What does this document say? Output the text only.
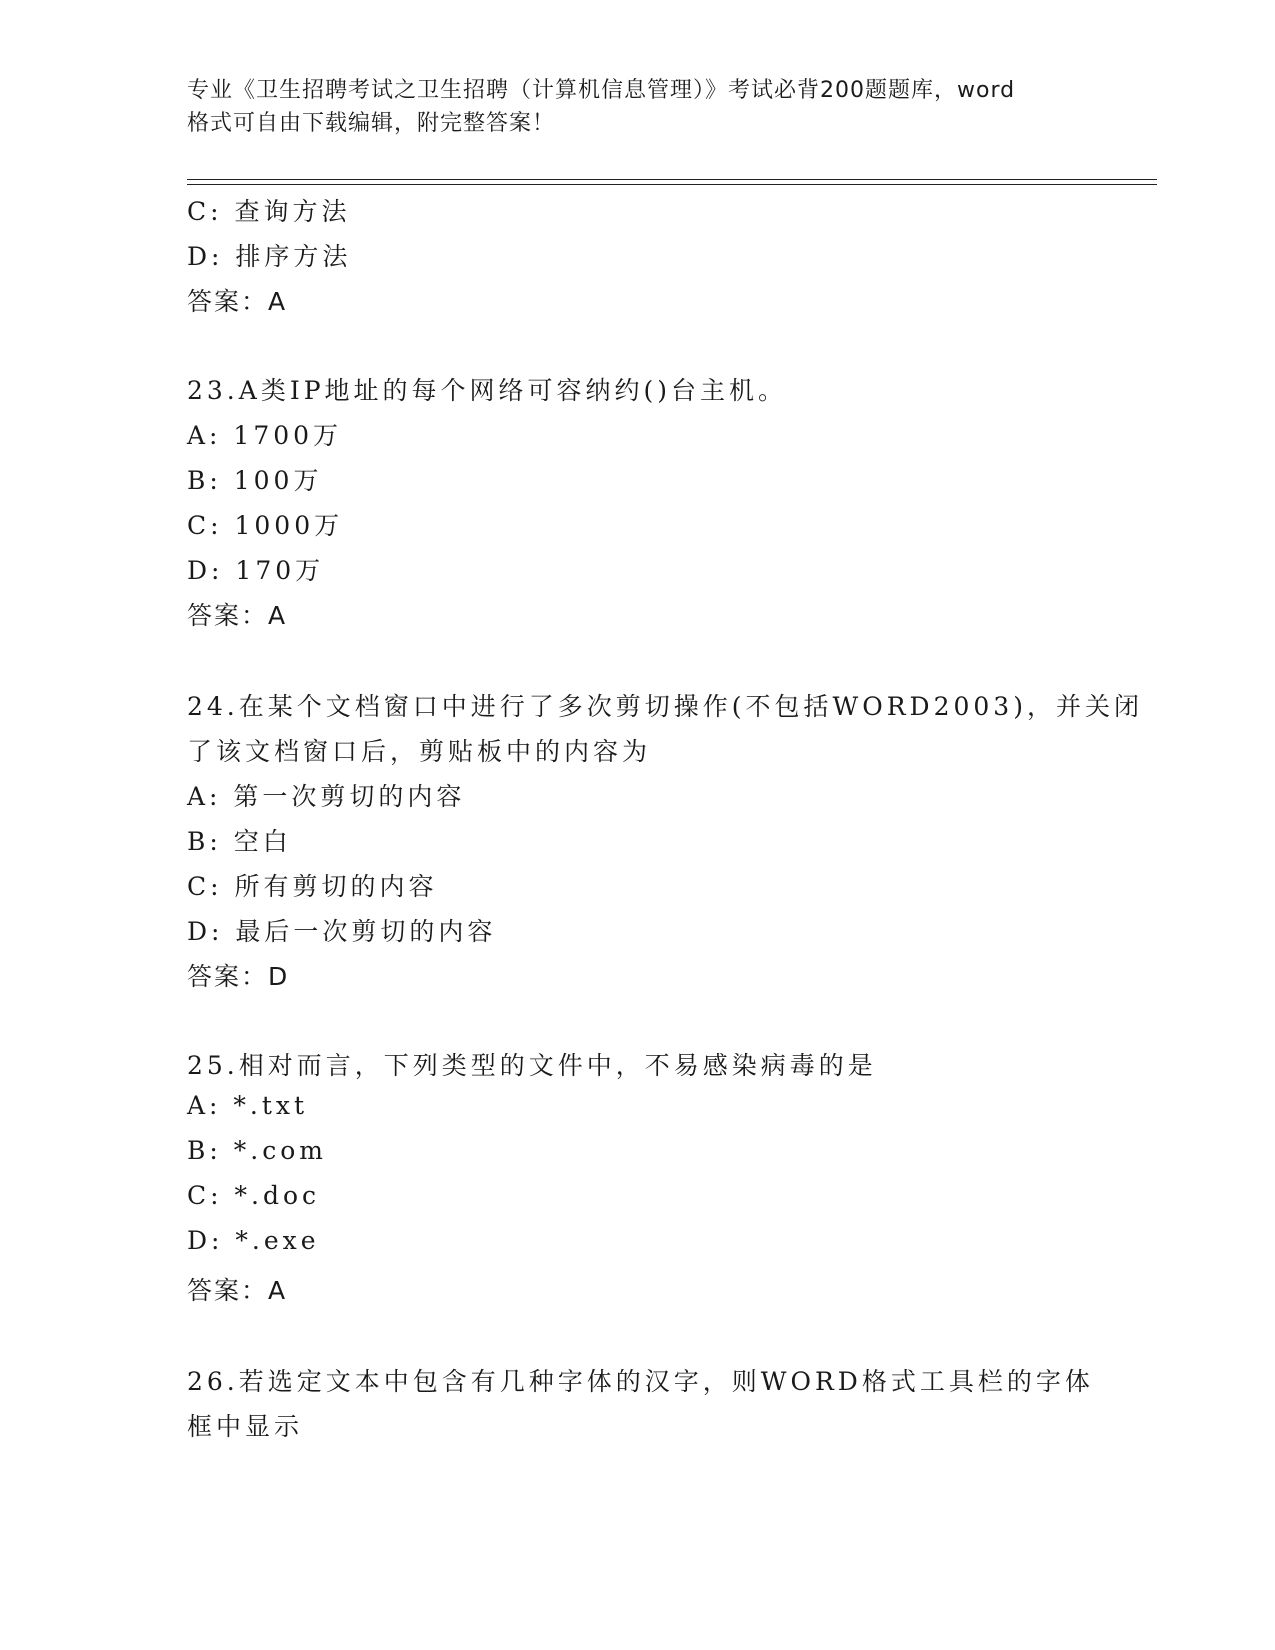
专业《卫生招聘考试之卫生招聘（计算机信息管理）》考试必背200题题库，word
格式可自由下载编辑，附完整答案！
C: 查询方法
D: 排序方法
答案：A
23.A类IP地址的每个网络可容纳约()台主机。
A: 1700万
B: 100万
C: 1000万
D: 170万
答案：A
24.在某个文档窗口中进行了多次剪切操作(不包括WORD2003)，并关闭
了该文档窗口后，剪贴板中的内容为
A: 第一次剪切的内容
B: 空白
C: 所有剪切的内容
D: 最后一次剪切的内容
答案：D
25.相对而言，下列类型的文件中，不易感染病毒的是
A: *.txt
B: *.com
C: *.doc
D: *.exe
答案：A
26.若选定文本中包含有几种字体的汉字，则WORD格式工具栏的字体
框中显示
